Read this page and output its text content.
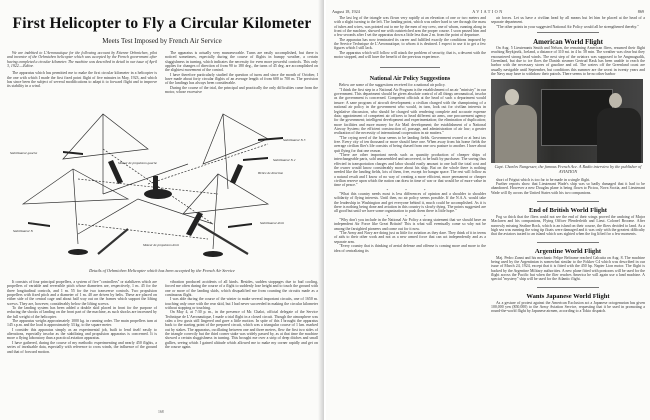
First Helicopter to Fly a Circular Kilometer
Meets Test Imposed by French Air Service

We are indebted to L'Aeronautique for the following account by Etienne Oehmichen, pilot and inventor of the Oehmichen helicopter which was accepted by the French government after having completed a circular kilometer. The machine was described in detail in our issue of April 3, 1922.—Editor.

The apparatus which has permitted me to make the first circular kilometer in a helicopter is the one with which I made the first fixed point flight of five minutes in May, 1923, and which has since been the subject of several modifications to adapt it to forward flight and to improve its stability in a wind.

The apparatus is actually very manoeuvrable. Turns are easily accomplished, but there is noticed sometimes, especially during the course of flights in bumpy weather, a certain sluggishness in turning, which indicates the necessity for even more powerful controls. This only applies for changes of direction of from 90 to 180 deg., the turns of 45 deg. are accomplished on the slightest movement of the control.

I have therefore particularly studied the question of turns and since the month of October, I have made about forty circular flights of an average length of from 600 to 700 m. The precision of the landings has always been considerable.

During the course of the trial, the principal and practically the only difficulties came from the motor, whose excessive

Stabilisateur gauche
Stabilisateur N 3
Moteur de propulsion gauche
Stabilisateur N 2
Helice de direction
Stabilisateur N
Stabilisateur droit
Moteur de propulsion droit
Details of Oehmichen Helicopter which has been accepted by the French Air Service

It consists of four principal propellers, a system of five "controllers" or stabilizers which are propellers of variable and reversible pitch whose diameters are, respectively, 1 m. 45 for the three longitudinal controls, and 1 m. 55 for the two transverse controls. Two propulsion propellers with fixed pitch and a diameter of 1 m. 40 are driven by belts. These are placed on either side of the central cage and about half way out on the frames which support the lifting screws. They are, however, considerably below the lifting screws.

To the landing system has been added a double skid placed in front for the purpose of reducing the shocks of landing on the front part of the machine, as such shocks are increased by the full weight of the helicopter.

The apparatus weighs approximately 1000 kg. in running order. The main propellers turn at 145 r.p.m. and the load is approximately 33 kg. to the square meter.

I consider this apparatus simply as an experimental job, built to lend itself easily to alterations, especially insofar as the stabilizing and propulsion apparatus is concerned. It is more a flying laboratory than a practical aviation apparatus.

I have gathered, during the course of my methodic experimenting and nearly 450 flights, a series of invaluable data, especially with reference to cross winds, the influence of the ground and that of forward motion.

vibration produced accidents of all kinds. Besides, sudden stoppages due to bad cooling, forced me often during the course of a flight to suddenly lose height and to touch the ground with one or more of the landing skids, which disqualified me from counting the circuits made as a continuous flight.

I was able during the course of the winter to make several important circuits, one of 1650 m. touching only once with the rear skid, but I had never succeeded in making the circular kilometer without stopping or touching.

On May 4, at 7:30 p. m., in the presence of Mr. Chalot, official delegate of the Service Technique de L'Aeronautique, I made a trial flight in a closed circuit. Though the atmosphere was calm a few gusts still lingered and gave a little motion. In spite of this I brought the apparatus back to the starting point of the prepared circuit, which was a triangular course of 1 km. marked out by stakes. The apparatus, oscillating between one and three meters, flew the first two sides of the triangle correctly but the third corner stake was widely passed by, as at that time the machine showed a certain sluggishness in turning. This brought me over a strip of deep ditches and small gullies, seeing which I gained altitude which allowed me to make my corner rapidly and get on the course again.

168
August 18, 1924	AVIATION	869

The last leg of the triangle was flown very rapidly at an elevation of one or two meters and with a slight turning to the left. The landing point, which was rather hard to see through the mass of tubes and wires, was pointed out to me by the men of my crew, one of whom, running along in front of the machine, showed me with outstretched arm the proper course. I soon passed him and a few seconds after I set the apparatus down a little less than 2 m. from the point of departure.

The apparatus has now terminated its career and fulfilled exactly the conditions imposed by the Service Technique de L'Aeronautique, to whom it is destined. I expect to use it to get a few figures which I still lack.

The apparatus which will follow will attack the problem of security, that is, a descent with the motor stopped, and will have the benefit of the previous experience.

National Air Policy Suggestions

Below are some of the suggestions received for a national air policy.

"I think the first step in a National Air Program is the establishment of an air "ministry" in our government. This department should be given absolute control of all things aeronautical, insofar as the government is concerned. Competent officials at the head of such a department would insure: A sane program of aircraft development; a civilian charged with the championing of a national air policy in the government who would, in turn, look out for civilian interests in legislative discussion, who should be charged with rendering complete and accurate expense data; appointment of competent air officers to head different air arms, one procurement agency for the government; intelligent development and experimentation; the elimination of duplication; more facilities and more money for Air Mail development; the establishment of a National Airway System; the efficient construction of, passage, and administration of air law; a greater realization of the necessity of international cooperation in air matters."

"The crying need of the hour seems to be landing fields. Government owned or at least tax free. Every city of ten thousand or more should have one. When away from his home fields the average civilian flier's life consists of being chased from one cow pasture to another. I have about quit flying for that one reason.

"There are other important needs such as quantity production of cheaper ships of interchangeable parts, sold unassembled and uncovered, to be built by purchaser. The saving thus effected in transportation charges and labor should easily amount to one half the total cost and the owner would know considerably more about his ship. But on the whole there is nothing needed like the landing fields, lots of them, free, except for hangar space. The rest will follow as a natural result and I know of no way of creating a more efficient, more permanent or cheaper civilian reserve upon which the nation can draw in time of war or that would be of more value in time of peace."

* * *

"What this country needs most is less differences of opinion and a shoulder to shoulder solidarity of flying interests. Until then, no air policy seems possible. If the N.A.A. would take the leadership in Washington and get everyone behind it, much could be accomplished. As it is there is nothing being done and aviation in this country is slowly dying. The points suggested are all good but until we have some organization to push them there is little hope."

* * *

"Why don't you include in the National Air Policy a strong statement that we should have an independent Air Force like Great Britain? This is what will eventually come so why not be among the farsighted pioneers and come out for it now.

"The Army and Navy are doing just as little for aviation as they dare. They think of it in terms of aids to their other work and not as a new armed force that can act independently and as a separate arm.

"Every country that is thinking of aerial defense and offense is coming more and more to the idea of centralizing its

air forces. Let us have a civilian head by all means but let him be placed at the head of a separate department.

"The other points in your suggested National Air Policy would all be strengthened thereby."

American World Flight

On Aug. 5 Lieutenants Smith and Nelson, the remaining American fliers, resumed their flight reaching Reykjavik, Iceland, a distance of 310 mi. in 4 hr. 58 min. The weather was clear but they encountered strong head winds. The next step of the aviators was supposed to be Angmagsalik, Greenland, but due to ice floes the Danish steamer Gertrud Rask has been unable to reach the harbor with the necessary stores of gasoline and oil. The waters off the Greenland coast are usually navigable until September, but conditions this summer are the worst in twenty years and the Navy may have to withdraw their patrols. There seems to be no other harbor

Capt. Charles Nungesser, the famous French Ace. A Radio interview by the publisher of AVIATION

short of Frigtut which is too far to be made in a single flight.

Further reports show that Lieutenant Wade's ship was so badly damaged that it had to be abandoned. However a new Douglas plane is being flown to Pictou, Nova Scotia, and Lieutenant Wade will fly across the United States with his two companions.

End of British World Flight

Fog so thick that the fliers could not see the end of their wings proved the undoing of Major Maclaren and his companions, Flying Officer Plenderleith and Lieut. Colonel Broome. After narrowly missing Sealine Rock, which is an island on their course, the fliers decided to land. As a high sea was running the wing tip floats were damaged and it was only with the greatest difficulty that the aviators taxied to an island which was sighted when the fog lifted for a few moments.

Argentine World Flight

Maj. Pedro Zanni and his mechanic Felipe Beltrame reached Calcutta on Aug. 8. The machine being used by the Argentinian is somewhat similar to the Fokker C4 which was described in our issue of March 24, 1924, except that it is fitted with the 450 hp. Napier Lion motor. The flight is backed by the Argentine Military authorities. A new plane fitted with pontoons will be used for the flight across the Pacific but when the flier reaches America he will again use a land machine. A special "mystery" ship will be used for the Atlantic flight.

Wants Japanese World Flight

As a gesture of protest against the American Exclusion act a Japanese octogenarian has given 100,000 yen ($50,000) to the Army Aviation Service, requesting that it be used in promoting a round-the-world flight by Japanese airmen, according to a Tokio dispatch.
